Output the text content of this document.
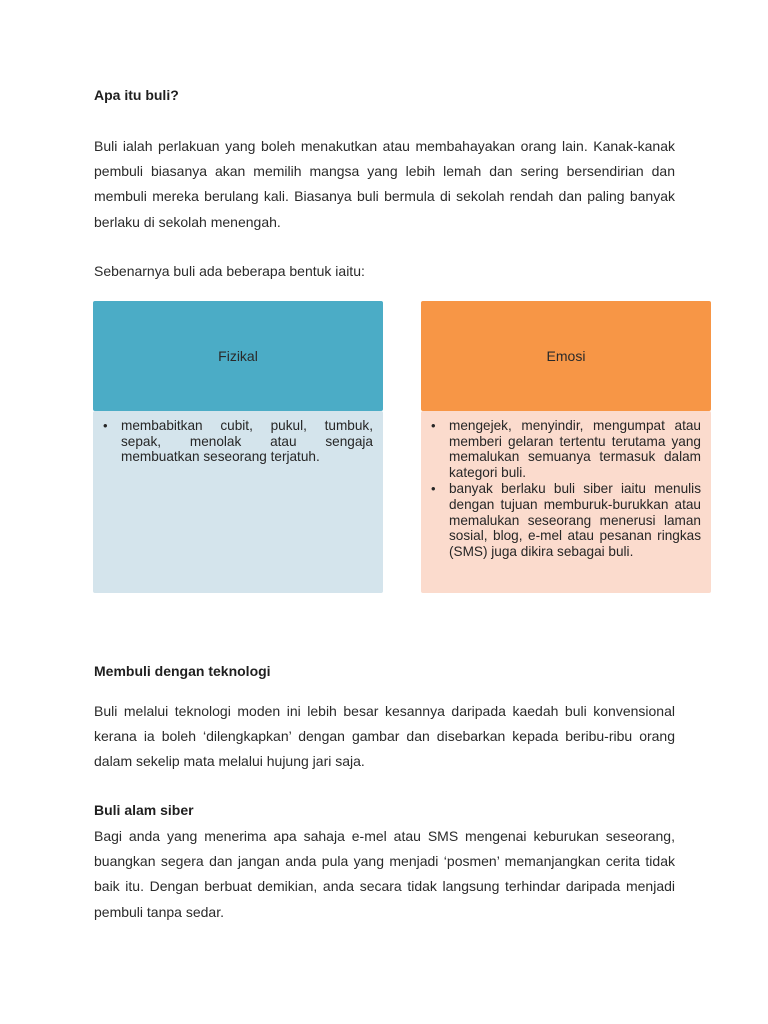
Apa itu buli?

Buli ialah perlakuan yang boleh menakutkan atau membahayakan orang lain. Kanak-kanak pembuli biasanya akan memilih mangsa yang lebih lemah dan sering bersendirian dan membuli mereka berulang kali. Biasanya buli bermula di sekolah rendah dan paling banyak berlaku di sekolah menengah.

Sebenarnya buli ada beberapa bentuk iaitu:

Fizikal
• membabitkan cubit, pukul, tumbuk, sepak, menolak atau sengaja membuatkan seseorang terjatuh.
Emosi
• mengejek, menyindir, mengumpat atau memberi gelaran tertentu terutama yang memalukan semuanya termasuk dalam kategori buli.
• banyak berlaku buli siber iaitu menulis dengan tujuan memburuk-burukkan atau memalukan seseorang menerusi laman sosial, blog, e-mel atau pesanan ringkas (SMS) juga dikira sebagai buli.
Membuli dengan teknologi

Buli melalui teknologi moden ini lebih besar kesannya daripada kaedah buli konvensional kerana ia boleh ‘dilengkapkan’ dengan gambar dan disebarkan kepada beribu-ribu orang dalam sekelip mata melalui hujung jari saja.

Buli alam siber

Bagi anda yang menerima apa sahaja e-mel atau SMS mengenai keburukan seseorang, buangkan segera dan jangan anda pula yang menjadi ‘posmen’ memanjangkan cerita tidak baik itu. Dengan berbuat demikian, anda secara tidak langsung terhindar daripada menjadi pembuli tanpa sedar.
